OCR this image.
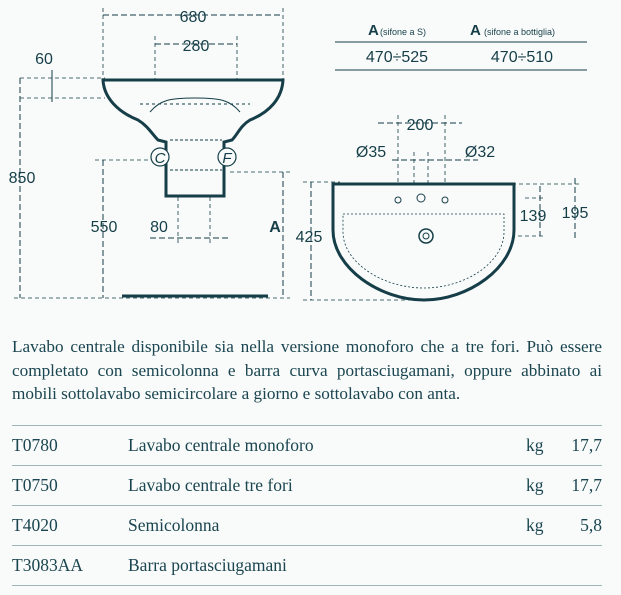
680
280
60
850
550 80	A
C	F
A (sifone a S)	A (sifone a bottiglia)
470÷525	470÷510
200
Ø35	Ø32
425
139 195

Lavabo centrale disponibile sia nella versione monoforo che a tre fori. Può essere completato con semicolonna e barra curva portasciugamani, oppure abbinato ai mobili sottolavabo semicircolare a giorno e sottolavabo con anta.

T0780	Lavabo centrale monoforo	kg	17,7
T0750	Lavabo centrale tre fori	kg	17,7
T4020	Semicolonna	kg	5,8
T3083AA	Barra portasciugamani		
